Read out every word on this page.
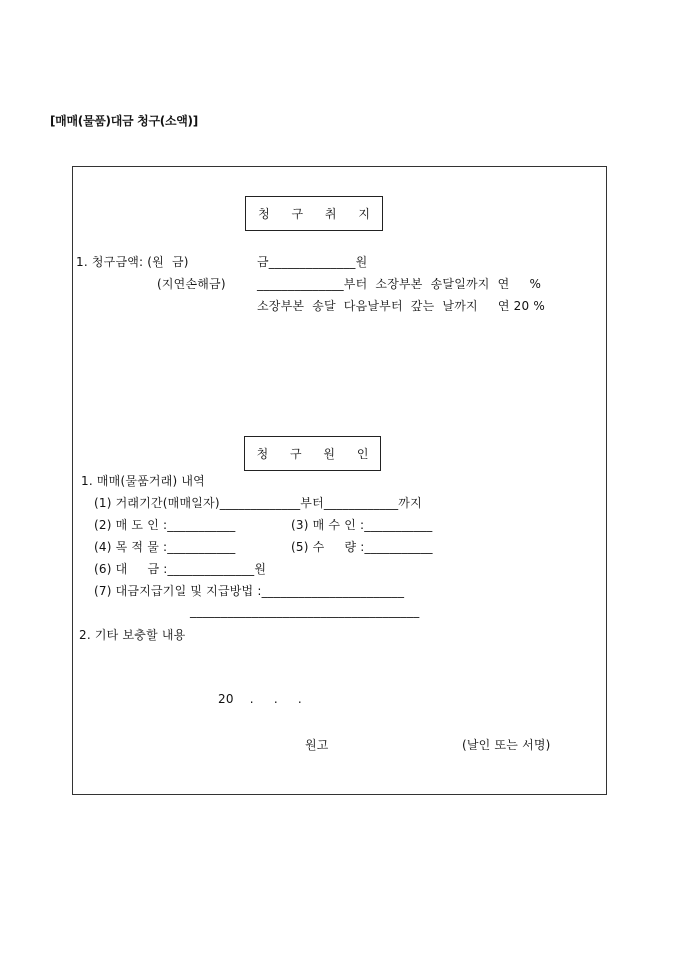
[매매(물품)대금 청구(소액)]
청 구 취 지
1. 청구금액: (원  금)	금______________원
(지연손해금)	______________부터  소장부본  송달일까지  연     %
소장부본  송달  다음날부터  갚는  날까지     연 20 %
청 구 원 인
1. 매매(물품거래) 내역
(1) 거래기간(매매일자)_____________부터____________까지
(2) 매 도 인 :___________	(3) 매 수 인 :___________
(4) 목 적 물 :___________	(5) 수     량 :___________
(6) 대     금 :______________원
(7) 대금지급기일 및 지급방법 :_______________________
_____________________________________
2. 기타 보충할 내용
20    .     .     .
원고	(날인 또는 서명)
